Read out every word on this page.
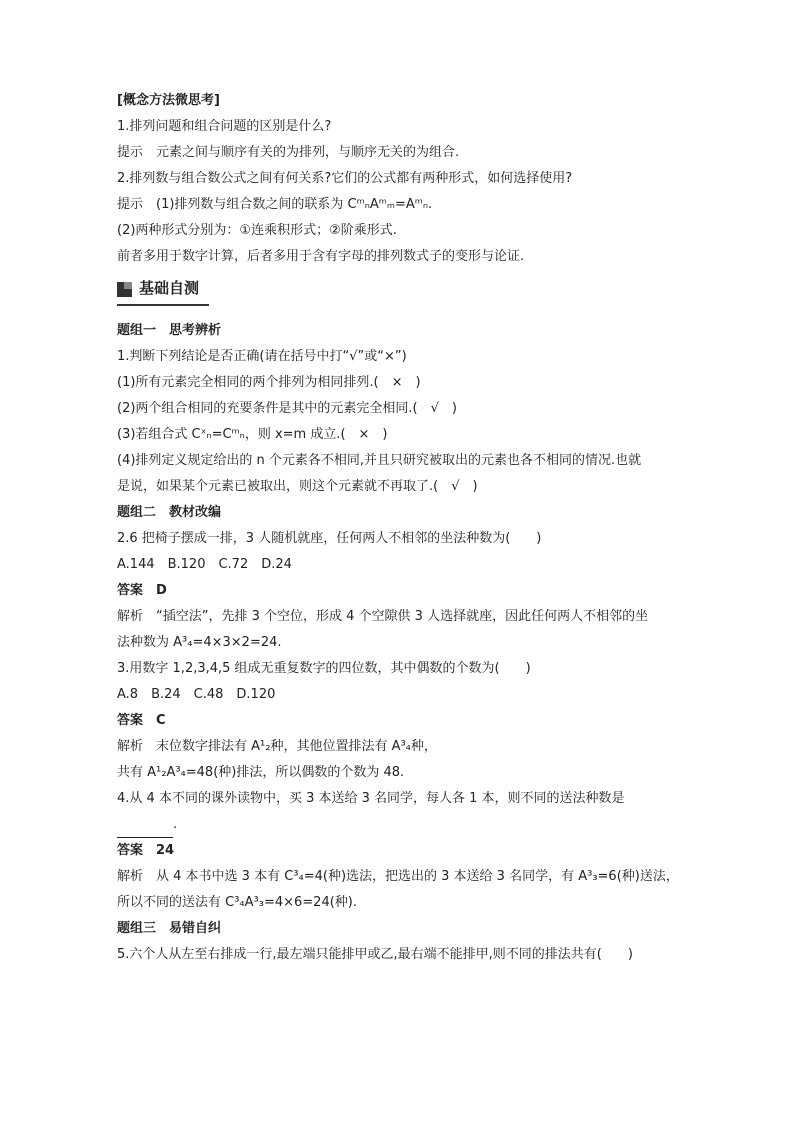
[概念方法微思考]
1.排列问题和组合问题的区别是什么?
提示　元素之间与顺序有关的为排列，与顺序无关的为组合.
2.排列数与组合数公式之间有何关系?它们的公式都有两种形式，如何选择使用?
提示　(1)排列数与组合数之间的联系为 CᵐₙAᵐₘ=Aᵐₙ.
(2)两种形式分别为：①连乘积形式；②阶乘形式.
前者多用于数字计算，后者多用于含有字母的排列数式子的变形与论证.
基础自测
题组一　思考辨析
1.判断下列结论是否正确(请在括号中打“√”或“×”)
(1)所有元素完全相同的两个排列为相同排列.(　×　)
(2)两个组合相同的充要条件是其中的元素完全相同.(　√　)
(3)若组合式 Cˣₙ=Cᵐₙ，则 x=m 成立.(　×　)
(4)排列定义规定给出的 n 个元素各不相同,并且只研究被取出的元素也各不相同的情况.也就
是说，如果某个元素已被取出，则这个元素就不再取了.(　√　)
题组二　教材改编
2.6 把椅子摆成一排，3 人随机就座，任何两人不相邻的坐法种数为(　　)
A.144　B.120　C.72　D.24
答案　D
解析　“插空法”，先排 3 个空位，形成 4 个空隙供 3 人选择就座，因此任何两人不相邻的坐
法种数为 A³₄=4×3×2=24.
3.用数字 1,2,3,4,5 组成无重复数字的四位数，其中偶数的个数为(　　)
A.8　B.24　C.48　D.120
答案　C
解析　末位数字排法有 A¹₂种，其他位置排法有 A³₄种，
共有 A¹₂A³₄=48(种)排法，所以偶数的个数为 48.
4.从 4 本不同的课外读物中，买 3 本送给 3 名同学，每人各 1 本，则不同的送法种数是
.
答案　24
解析　从 4 本书中选 3 本有 C³₄=4(种)选法，把选出的 3 本送给 3 名同学，有 A³₃=6(种)送法，
所以不同的送法有 C³₄A³₃=4×6=24(种).
题组三　易错自纠
5.六个人从左至右排成一行,最左端只能排甲或乙,最右端不能排甲,则不同的排法共有(　　)
